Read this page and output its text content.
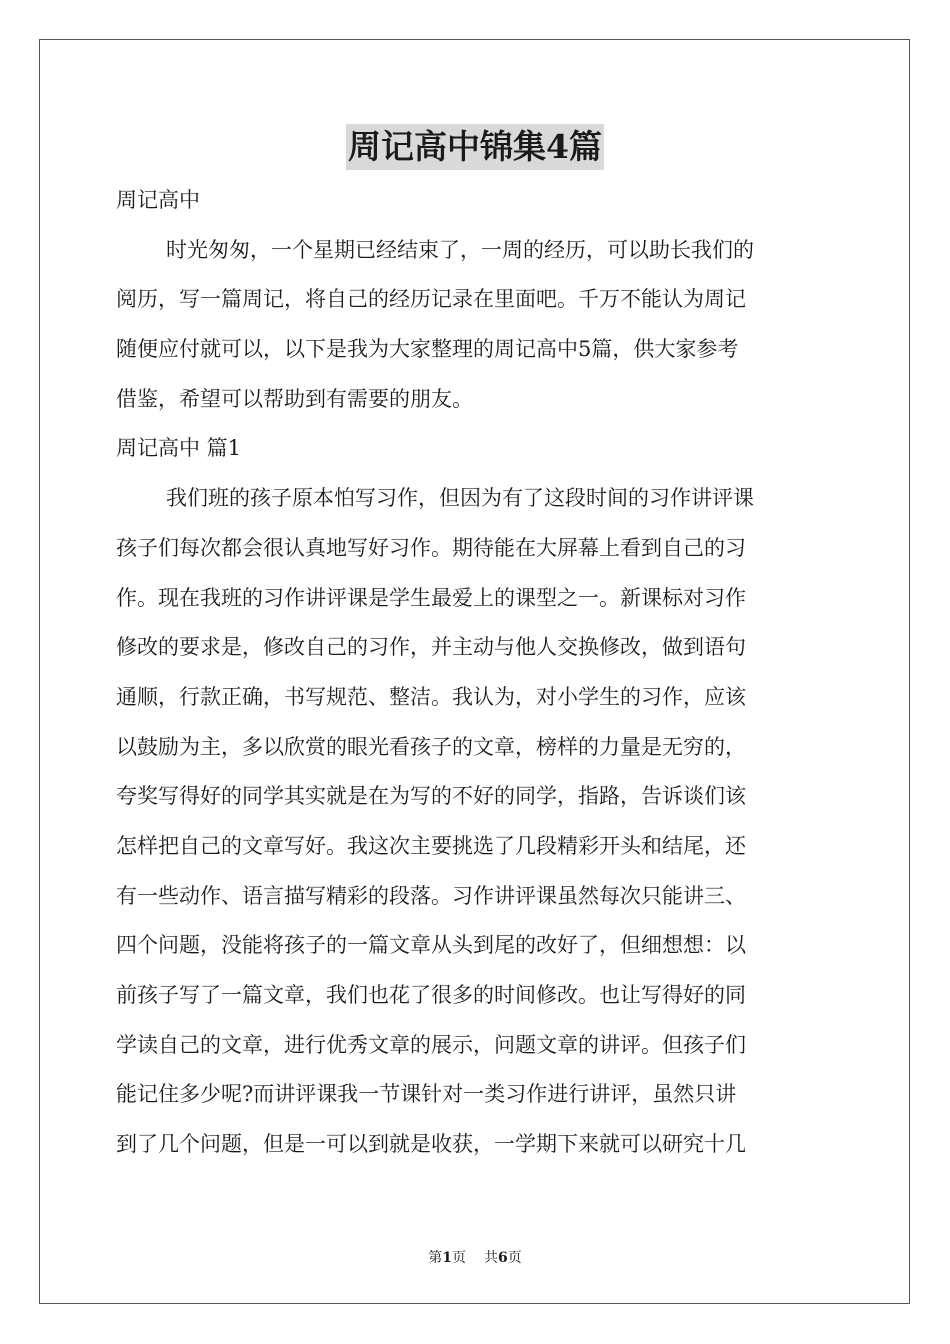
周记高中锦集4篇
周记高中
时光匆匆，一个星期已经结束了，一周的经历，可以助长我们的
阅历，写一篇周记，将自己的经历记录在里面吧。千万不能认为周记
随便应付就可以，以下是我为大家整理的周记高中5篇，供大家参考
借鉴，希望可以帮助到有需要的朋友。
周记高中 篇1
我们班的孩子原本怕写习作，但因为有了这段时间的习作讲评课
孩子们每次都会很认真地写好习作。期待能在大屏幕上看到自己的习
作。现在我班的习作讲评课是学生最爱上的课型之一。新课标对习作
修改的要求是，修改自己的习作，并主动与他人交换修改，做到语句
通顺，行款正确，书写规范、整洁。我认为，对小学生的习作，应该
以鼓励为主，多以欣赏的眼光看孩子的文章，榜样的力量是无穷的，
夸奖写得好的同学其实就是在为写的不好的同学，指路，告诉谈们该
怎样把自己的文章写好。我这次主要挑选了几段精彩开头和结尾，还
有一些动作、语言描写精彩的段落。习作讲评课虽然每次只能讲三、
四个问题，没能将孩子的一篇文章从头到尾的改好了，但细想想：以
前孩子写了一篇文章，我们也花了很多的时间修改。也让写得好的同
学读自己的文章，进行优秀文章的展示，问题文章的讲评。但孩子们
能记住多少呢?而讲评课我一节课针对一类习作进行讲评，虽然只讲
到了几个问题，但是一可以到就是收获，一学期下来就可以研究十几
第1页 共6页
